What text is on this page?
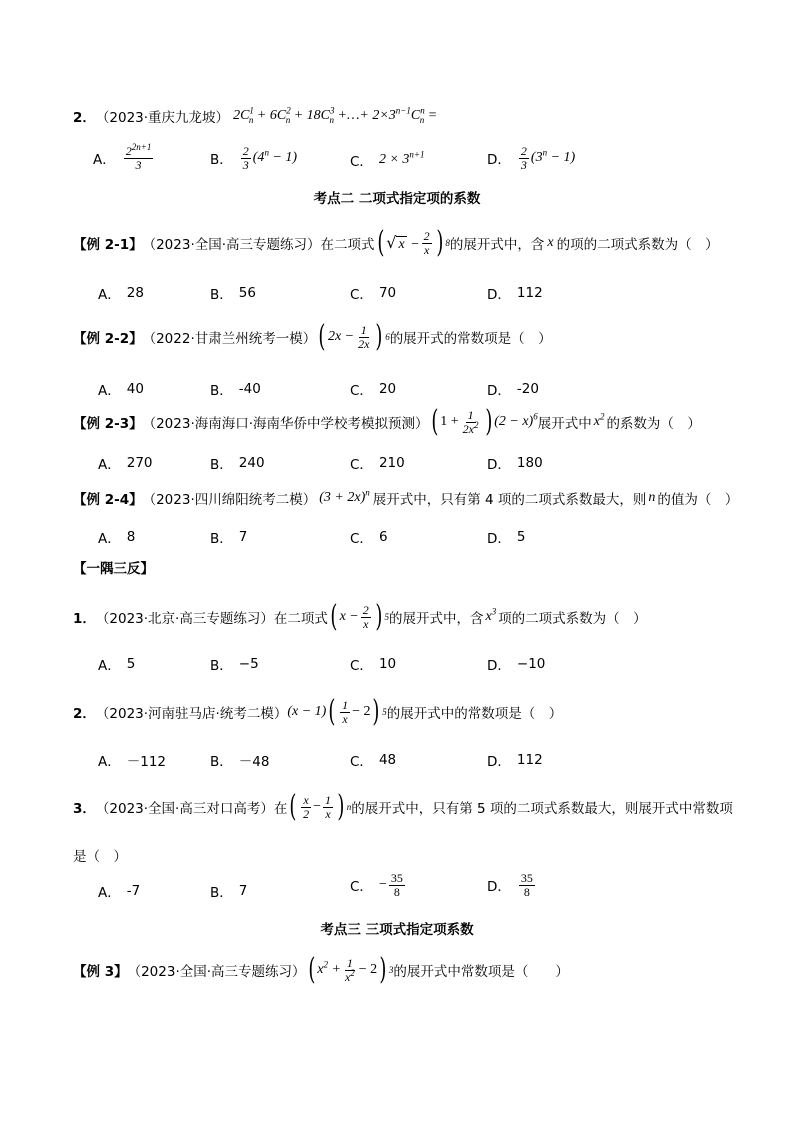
2． （2023·重庆九龙坡） $2C^1_n + 6C^2_n + 18C^3_n$ +…+ $2\times 3^{n-1}C^n_n$ =
A． $\frac{2^{2n+1}}{3}$	B． $\frac{2}{3} (4^n - 1)$	C． $2 \times 3^{n+1}$	D． $\frac{2}{3} (3^n - 1)$
考点二 二项式指定项的系数
【例 2-1】 （2023·全国·高三专题练习） 在二项式 ( √ $x - \frac{2}{x}$ ) 8 的展开式中，含 x 的项的二项式系数为（　）
A． 28	B． 56	C． 70	D． 112
【例 2-2】 （2022·甘肃兰州统考一模） ( $2x - \frac{1}{2x}$ ) 6 的展开式的常数项是（　）
A． 40	B． -40	C． 20	D． -20
【例 2-3】 （2023·海南海口·海南华侨中学校考模拟预测） ( $1 + \frac{1}{2x^2}$ ) $(2 - x)^6$ 展开式中 $x^2$ 的系数为（　）
A． 270	B． 240	C． 210	D． 180
【例 2-4】 （2023·四川绵阳统考二模） $(3 + 2x)^n$ 展开式中，只有第 4 项的二项式系数最大，则 n 的值为（　）
A． 8	B． 7	C． 6	D． 5
【一隅三反】
1． （2023·北京·高三专题练习） 在二项式 ( $x - \frac{2}{x}$ ) 5 的展开式中，含 $x^3$ 项的二项式系数为（　）
A． 5	B． −5	C． 10	D． −10
2． （2023·河南驻马店·统考二模） (x − 1) ( $\frac{1}{x} - 2$ ) 5 的展开式中的常数项是（　）
A． －112	B． －48	C． 48	D． 112
3． （2023·全国·高三对口高考） 在 ( $\frac{x}{2} - \frac{1}{x}$ ) n 的展开式中，只有第 5 项的二项式系数最大，则展开式中常数项
是（　）
A． -7	B． 7	C． − $\frac{35}{8}$	D． $\frac{35}{8}$
考点三 三项式指定项系数
【例 3】 （2023·全国·高三专题练习） ( $x^2 + \frac{1}{x^2} - 2$ ) 3 的展开式中常数项是（　　）
